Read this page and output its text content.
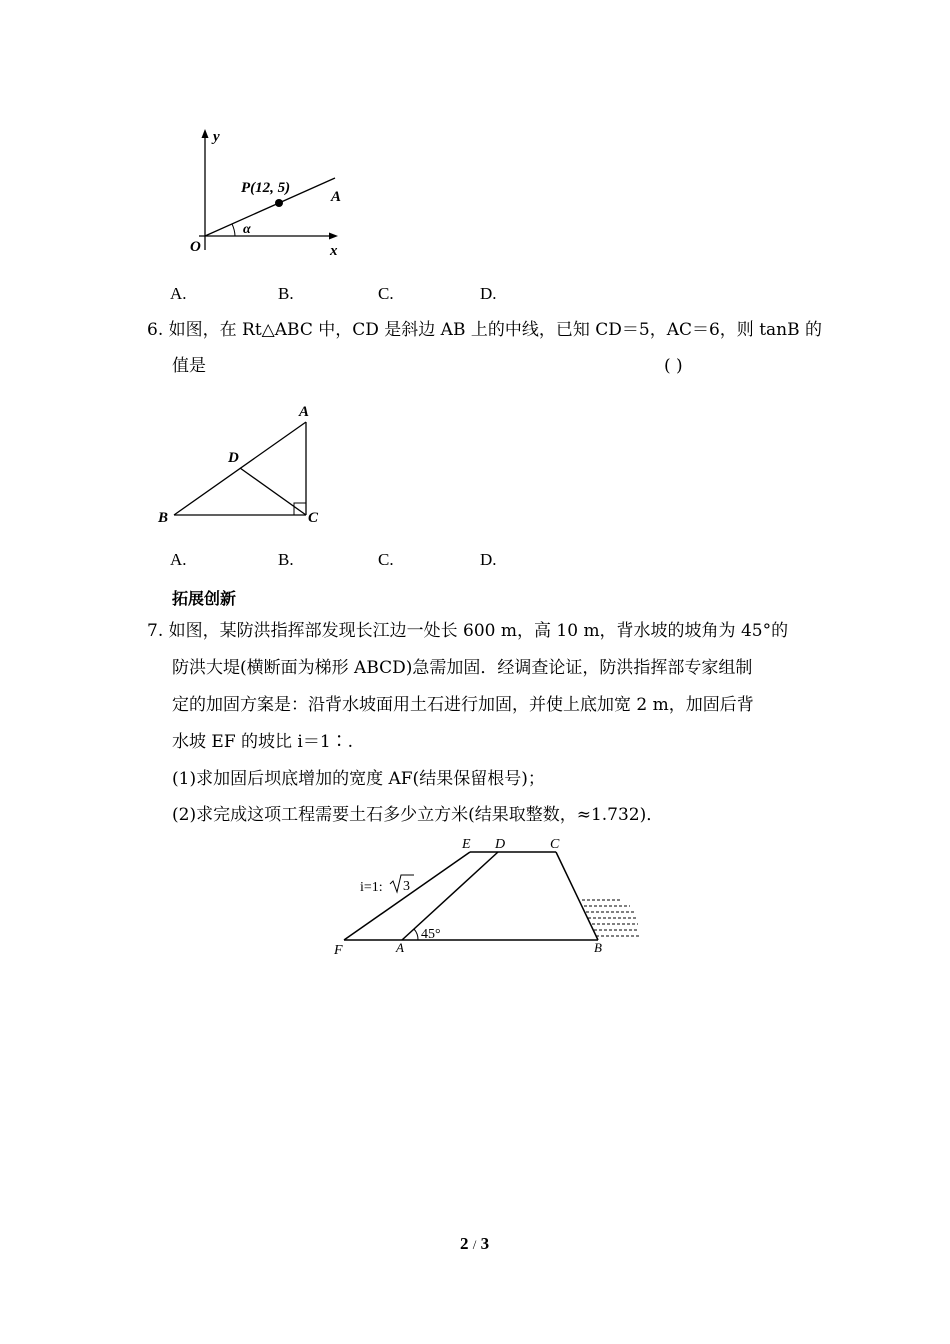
y
x
O
P(12, 5)
A
α
A.	B.	C.	D.
6. 如图，在 Rt△ABC 中，CD 是斜边 AB 上的中线，已知 CD＝5，AC＝6，则 tanB 的
值是	( )
A
B	C
D
A.	B.	C.	D.
拓展创新
7. 如图，某防洪指挥部发现长江边一处长 600 m，高 10 m，背水坡的坡角为 45°的
防洪大堤(横断面为梯形 ABCD)急需加固．经调查论证，防洪指挥部专家组制
定的加固方案是：沿背水坡面用土石进行加固，并使上底加宽 2 m，加固后背
水坡 EF 的坡比 i＝1∶.
(1)求加固后坝底增加的宽度 AF(结果保留根号)；
(2)求完成这项工程需要土石多少立方米(结果取整数，≈1.732)．
E D	C
F	A	B
i=1: 3
45°
2 / 3
